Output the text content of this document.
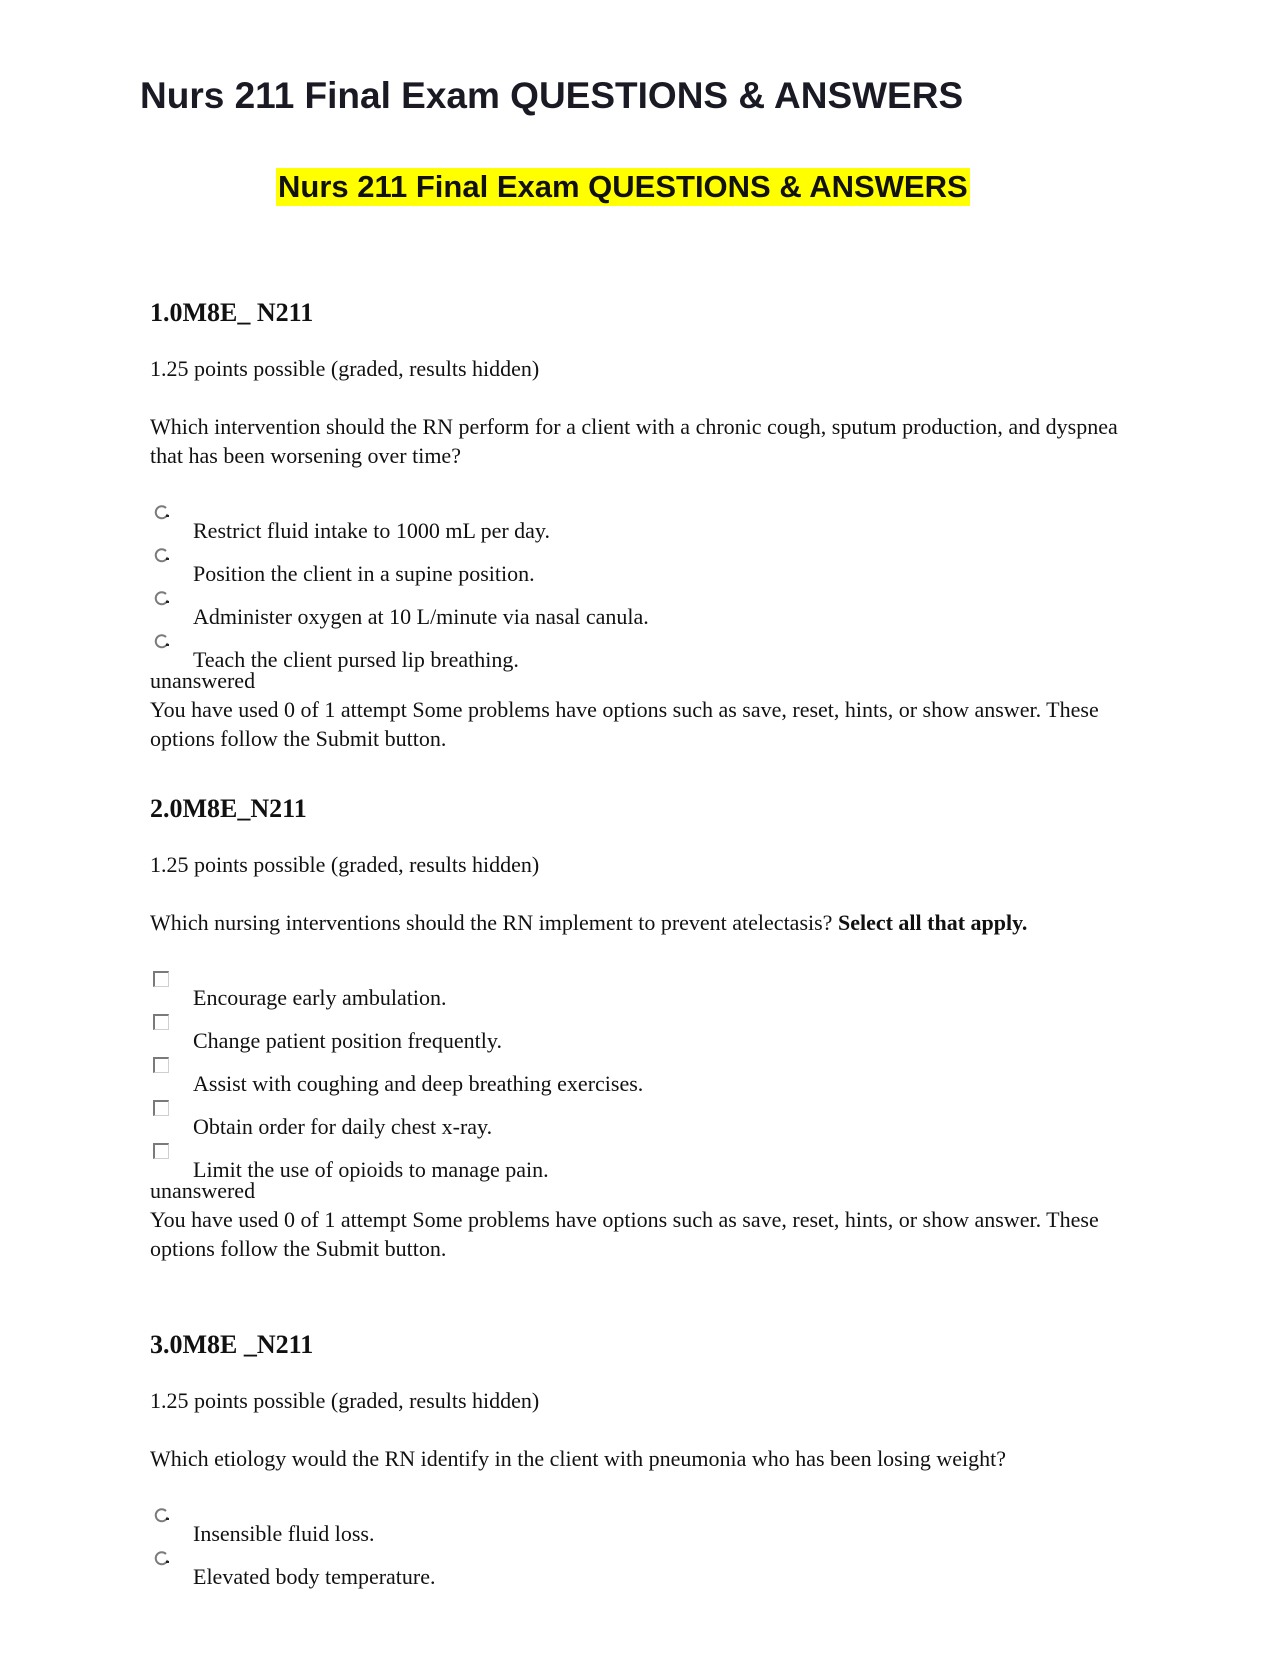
Nurs 211 Final Exam QUESTIONS & ANSWERS
Nurs 211 Final Exam QUESTIONS & ANSWERS
1.0M8E_ N211

1.25 points possible (graded, results hidden)

Which intervention should the RN perform for a client with a chronic cough, sputum production, and dyspnea that has been worsening over time?

Restrict fluid intake to 1000 mL per day.
Position the client in a supine position.
Administer oxygen at 10 L/minute via nasal canula.
Teach the client pursed lip breathing.

unanswered

You have used 0 of 1 attempt Some problems have options such as save, reset, hints, or show answer. These options follow the Submit button.

2.0M8E_N211

1.25 points possible (graded, results hidden)

Which nursing interventions should the RN implement to prevent atelectasis? Select all that apply.

Encourage early ambulation.
Change patient position frequently.
Assist with coughing and deep breathing exercises.
Obtain order for daily chest x-ray.
Limit the use of opioids to manage pain.

unanswered

You have used 0 of 1 attempt Some problems have options such as save, reset, hints, or show answer. These options follow the Submit button.

3.0M8E _N211

1.25 points possible (graded, results hidden)

Which etiology would the RN identify in the client with pneumonia who has been losing weight?

Insensible fluid loss.
Elevated body temperature.
